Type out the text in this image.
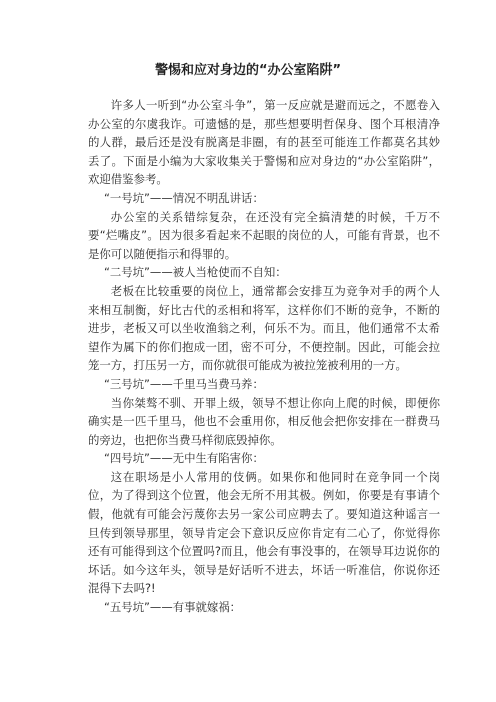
警惕和应对身边的“办公室陷阱”

许多人一听到“办公室斗争”，第一反应就是避而远之，不愿卷入办公室的尔虞我诈。可遗憾的是，那些想要明哲保身、图个耳根清净的人群，最后还是没有脱离是非圈，有的甚至可能连工作都莫名其妙丢了。下面是小编为大家收集关于警惕和应对身边的“办公室陷阱”，欢迎借鉴参考。

“一号坑”——情况不明乱讲话：

办公室的关系错综复杂，在还没有完全搞清楚的时候，千万不要“烂嘴皮”。因为很多看起来不起眼的岗位的人，可能有背景，也不是你可以随便指示和得罪的。

“二号坑”——被人当枪使而不自知：

老板在比较重要的岗位上，通常都会安排互为竞争对手的两个人来相互制衡，好比古代的丞相和将军，这样你们不断的竞争，不断的进步，老板又可以坐收渔翁之利，何乐不为。而且，他们通常不太希望作为属下的你们抱成一团，密不可分，不便控制。因此，可能会拉笼一方，打压另一方，而你就很可能成为被拉笼被利用的一方。

“三号坑”——千里马当费马养：

当你桀骜不驯、开罪上级，领导不想让你向上爬的时候，即便你确实是一匹千里马，他也不会重用你，相反他会把你安排在一群费马的旁边，也把你当费马样彻底毁掉你。

“四号坑”——无中生有陷害你：

这在职场是小人常用的伎俩。如果你和他同时在竞争同一个岗位，为了得到这个位置，他会无所不用其极。例如，你要是有事请个假，他就有可能会污蔑你去另一家公司应聘去了。要知道这种谣言一旦传到领导那里，领导肯定会下意识反应你肯定有二心了，你觉得你还有可能得到这个位置吗?而且，他会有事没事的，在领导耳边说你的坏话。如今这年头，领导是好话听不进去，坏话一听准信，你说你还混得下去吗?!

“五号坑”——有事就嫁祸：
